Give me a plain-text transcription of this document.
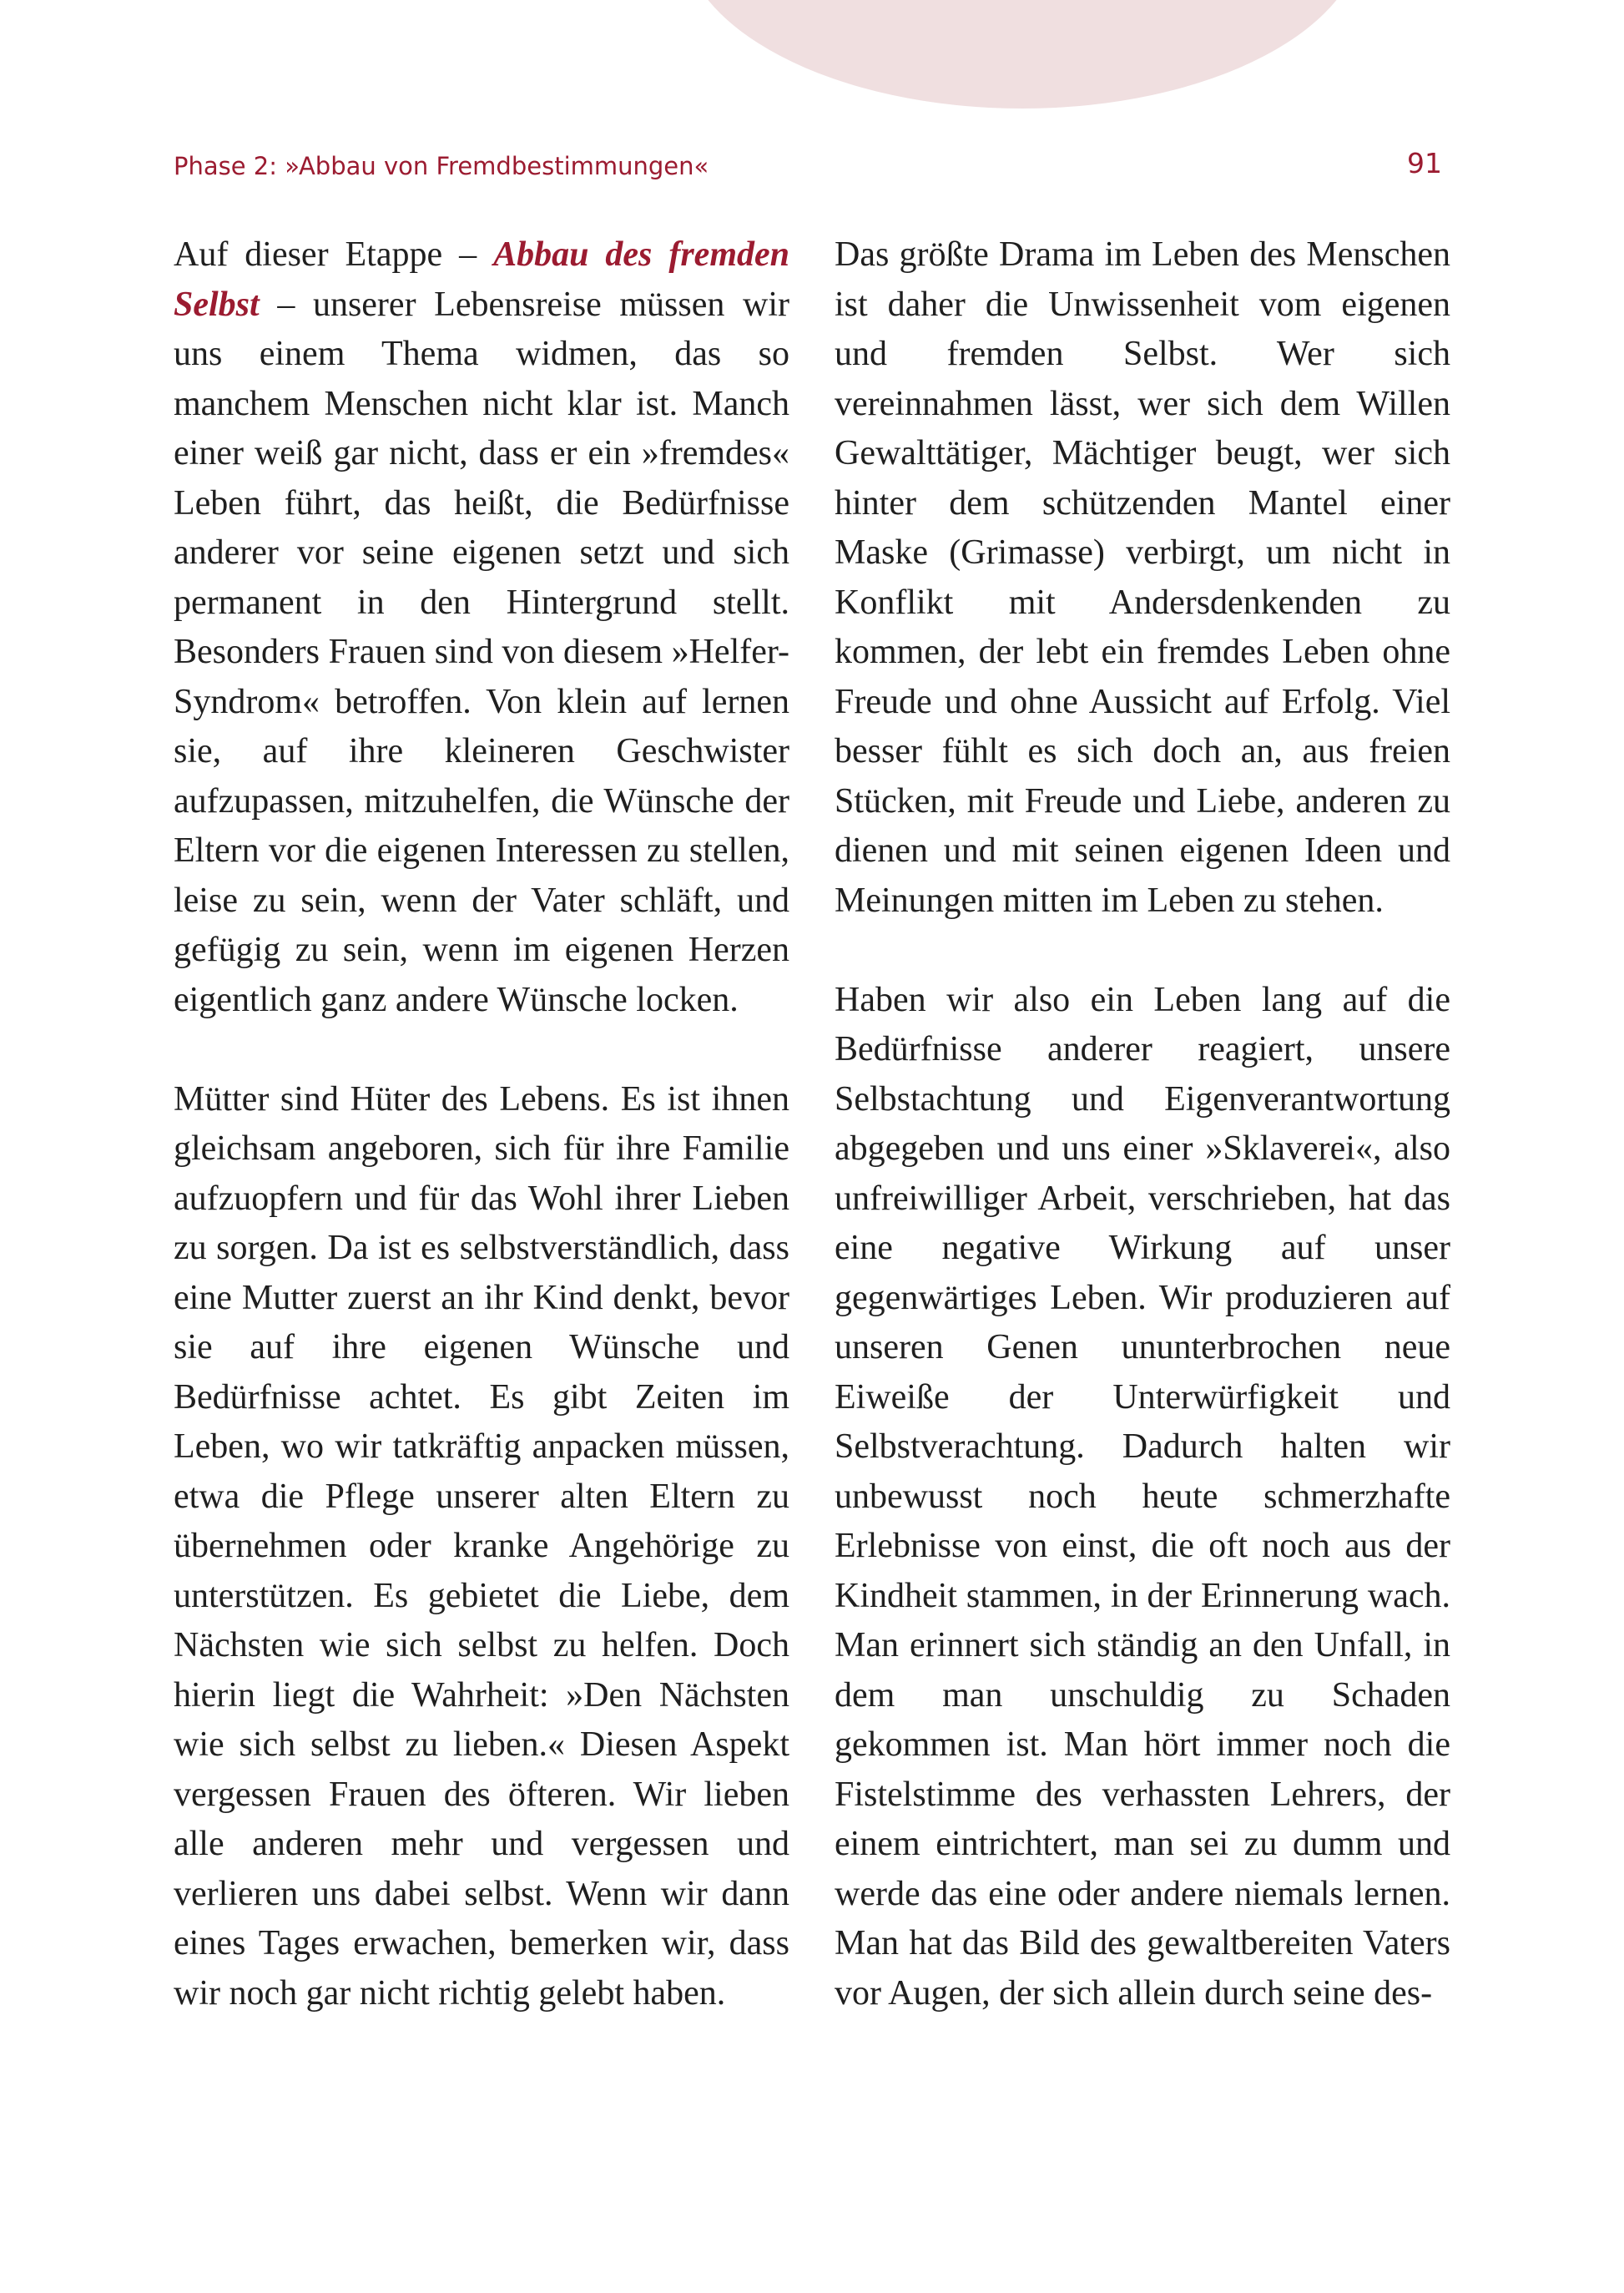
Phase 2: »Abbau von Fremdbestimmungen«	91

Auf dieser Etappe – Abbau des fremden Selbst – unserer Lebensreise müssen wir uns einem Thema widmen, das so manchem Menschen nicht klar ist. Manch einer weiß gar nicht, dass er ein »fremdes« Leben führt, das heißt, die Bedürfnisse anderer vor seine eigenen setzt und sich permanent in den Hintergrund stellt. Besonders Frauen sind von diesem »Helfer-Syndrom« betroffen. Von klein auf lernen sie, auf ihre kleineren Geschwister aufzupassen, mitzuhelfen, die Wünsche der Eltern vor die eigenen Interessen zu stellen, leise zu sein, wenn der Vater schläft, und gefügig zu sein, wenn im eigenen Herzen eigentlich ganz andere Wünsche locken.

Mütter sind Hüter des Lebens. Es ist ihnen gleichsam angeboren, sich für ihre Familie aufzuopfern und für das Wohl ihrer Lieben zu sorgen. Da ist es selbstverständlich, dass eine Mutter zuerst an ihr Kind denkt, bevor sie auf ihre eigenen Wünsche und Bedürfnisse achtet. Es gibt Zeiten im Leben, wo wir tatkräftig anpacken müssen, etwa die Pflege unserer alten Eltern zu übernehmen oder kranke Angehörige zu unterstützen. Es gebietet die Liebe, dem Nächsten wie sich selbst zu helfen. Doch hierin liegt die Wahrheit: »Den Nächsten wie sich selbst zu lieben.« Diesen Aspekt vergessen Frauen des öfteren. Wir lieben alle anderen mehr und vergessen und verlieren uns dabei selbst. Wenn wir dann eines Tages erwachen, bemerken wir, dass wir noch gar nicht richtig gelebt haben.

Das größte Drama im Leben des Menschen ist daher die Unwissenheit vom eigenen und fremden Selbst. Wer sich vereinnahmen lässt, wer sich dem Willen Gewalttätiger, Mächtiger beugt, wer sich hinter dem schützenden Mantel einer Maske (Grimasse) verbirgt, um nicht in Konflikt mit Andersdenkenden zu kommen, der lebt ein fremdes Leben ohne Freude und ohne Aussicht auf Erfolg. Viel besser fühlt es sich doch an, aus freien Stücken, mit Freude und Liebe, anderen zu dienen und mit seinen eigenen Ideen und Meinungen mitten im Leben zu stehen.

Haben wir also ein Leben lang auf die Bedürfnisse anderer reagiert, unsere Selbstachtung und Eigenverantwortung abgegeben und uns einer »Sklaverei«, also unfreiwilliger Arbeit, verschrieben, hat das eine negative Wirkung auf unser gegenwärtiges Leben. Wir produzieren auf unseren Genen ununterbrochen neue Eiweiße der Unterwürfigkeit und Selbstverachtung. Dadurch halten wir unbewusst noch heute schmerzhafte Erlebnisse von einst, die oft noch aus der Kindheit stammen, in der Erinnerung wach. Man erinnert sich ständig an den Unfall, in dem man unschuldig zu Schaden gekommen ist. Man hört immer noch die Fistelstimme des verhassten Lehrers, der einem eintrichtert, man sei zu dumm und werde das eine oder andere niemals lernen. Man hat das Bild des gewaltbereiten Vaters vor Augen, der sich allein durch seine des-
